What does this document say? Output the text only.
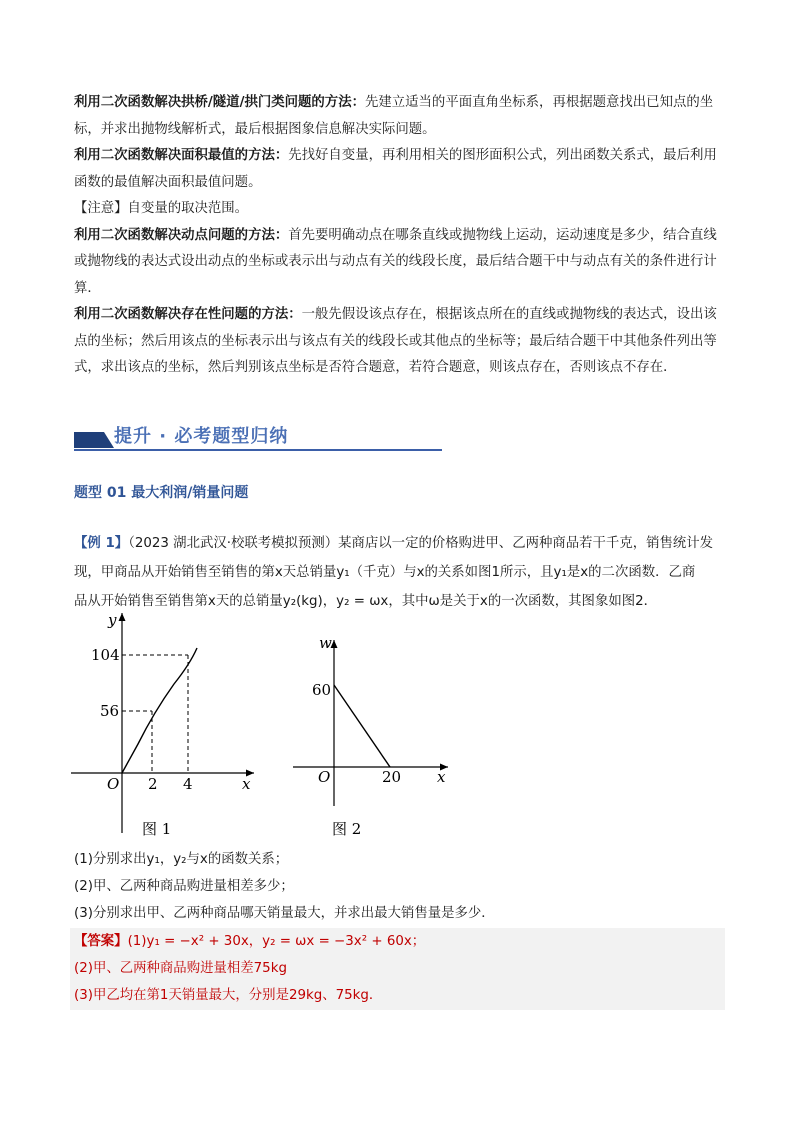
利用二次函数解决拱桥/隧道/拱门类问题的方法：先建立适当的平面直角坐标系，再根据题意找出已知点的坐标，并求出抛物线解析式，最后根据图象信息解决实际问题。

利用二次函数解决面积最值的方法：先找好自变量，再利用相关的图形面积公式，列出函数关系式，最后利用函数的最值解决面积最值问题。

【注意】自变量的取决范围。

利用二次函数解决动点问题的方法：首先要明确动点在哪条直线或抛物线上运动，运动速度是多少，结合直线或抛物线的表达式设出动点的坐标或表示出与动点有关的线段长度，最后结合题干中与动点有关的条件进行计算．

利用二次函数解决存在性问题的方法：一般先假设该点存在，根据该点所在的直线或抛物线的表达式，设出该点的坐标；然后用该点的坐标表示出与该点有关的线段长或其他点的坐标等；最后结合题干中其他条件列出等式，求出该点的坐标，然后判别该点坐标是否符合题意，若符合题意，则该点存在，否则该点不存在．

提升 · 必考题型归纳
题型 01 最大利润/销量问题

【例 1】（2023 湖北武汉·校联考模拟预测）某商店以一定的价格购进甲、乙两种商品若干千克，销售统计发

现，甲商品从开始销售至销售的第x天总销量y₁（千克）与x的关系如图1所示，且y₁是x的二次函数．乙商

品从开始销售至销售第x天的总销量y₂(kg)，y₂ = ωx，其中ω是关于x的一次函数，其图象如图2．

y
x
O
104
56
2 4
图 1
w
x
O
60
20
图 2

(1)分别求出y₁，y₂与x的函数关系；

(2)甲、乙两种商品购进量相差多少；

(3)分别求出甲、乙两种商品哪天销量最大，并求出最大销售量是多少．

【答案】(1)y₁ = −x² + 30x，y₂ = ωx = −3x² + 60x；

(2)甲、乙两种商品购进量相差75kg

(3)甲乙均在第1天销量最大，分别是29kg、75kg．
